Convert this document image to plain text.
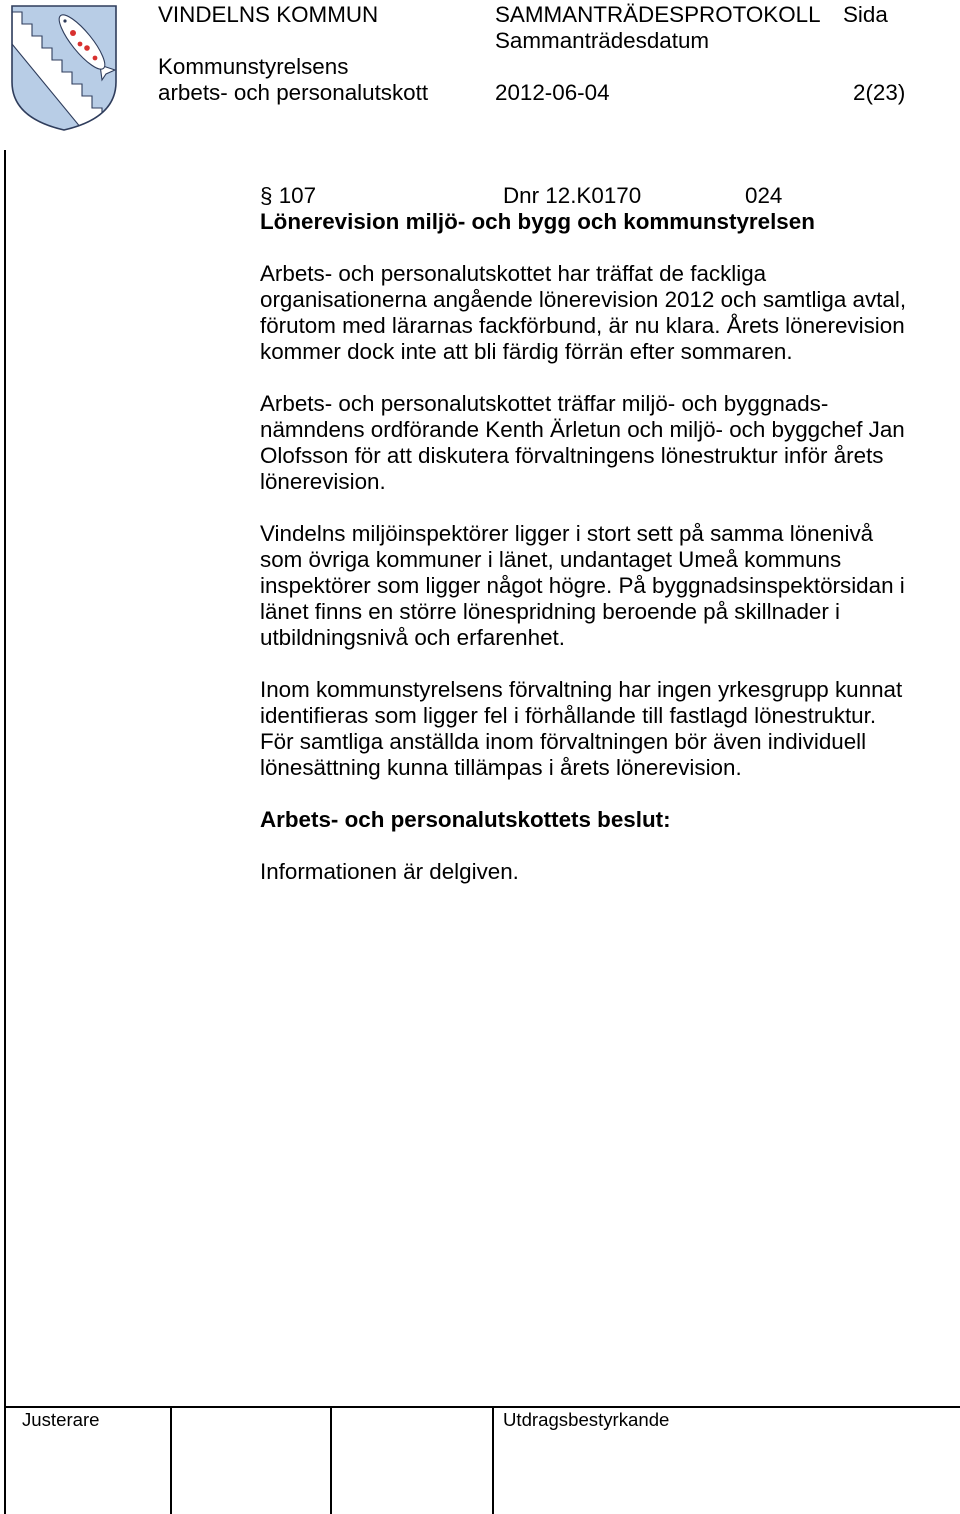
VINDELNS KOMMUN	SAMMANTRÄDESPROTOKOLL Sida
Sammanträdesdatum
Kommunstyrelsens
arbets- och personalutskott	2012-06-04	2(23)
§ 107	Dnr 12.K0170	024
Lönerevision miljö- och bygg och kommunstyrelsen
Arbets- och personalutskottet har träffat de fackliga
organisationerna angående lönerevision 2012 och samtliga avtal,
förutom med lärarnas fackförbund, är nu klara. Årets lönerevision
kommer dock inte att bli färdig förrän efter sommaren.
Arbets- och personalutskottet träffar miljö- och byggnads-
nämndens ordförande Kenth Ärletun och miljö- och byggchef Jan
Olofsson för att diskutera förvaltningens lönestruktur inför årets
lönerevision.
Vindelns miljöinspektörer ligger i stort sett på samma lönenivå
som övriga kommuner i länet, undantaget Umeå kommuns
inspektörer som ligger något högre. På byggnadsinspektörsidan i
länet finns en större lönespridning beroende på skillnader i
utbildningsnivå och erfarenhet.
Inom kommunstyrelsens förvaltning har ingen yrkesgrupp kunnat
identifieras som ligger fel i förhållande till fastlagd lönestruktur.
För samtliga anställda inom förvaltningen bör även individuell
lönesättning kunna tillämpas i årets lönerevision.
Arbets- och personalutskottets beslut:
Informationen är delgiven.
Justerare	Utdragsbestyrkande
